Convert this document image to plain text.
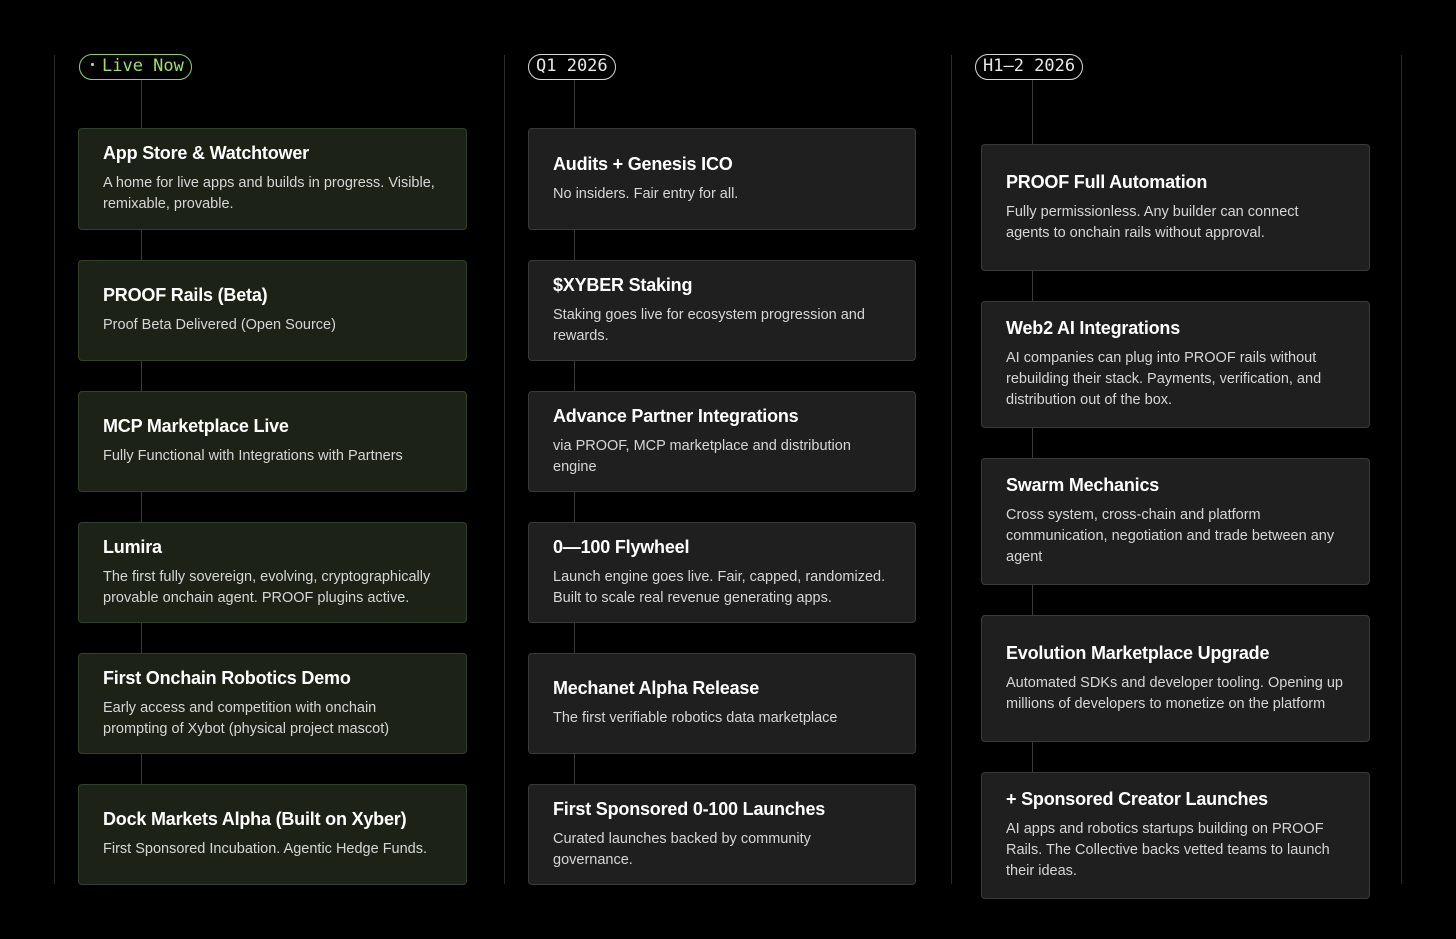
Live Now	Q1 2026	H1—2 2026
App Store & Watchtower

A home for live apps and builds in progress. Visible, remixable, provable.

PROOF Rails (Beta)

Proof Beta Delivered (Open Source)

MCP Marketplace Live

Fully Functional with Integrations with Partners

Lumira

The first fully sovereign, evolving, cryptographically provable onchain agent. PROOF plugins active.

First Onchain Robotics Demo

Early access and competition with onchain prompting of Xybot (physical project mascot)

Dock Markets Alpha (Built on Xyber)

First Sponsored Incubation. Agentic Hedge Funds.

Audits + Genesis ICO

No insiders. Fair entry for all.

$XYBER Staking

Staking goes live for ecosystem progression and rewards.

Advance Partner Integrations

via PROOF, MCP marketplace and distribution engine

0—100 Flywheel

Launch engine goes live. Fair, capped, randomized. Built to scale real revenue generating apps.

Mechanet Alpha Release

The first verifiable robotics data marketplace

First Sponsored 0-100 Launches

Curated launches backed by community governance.

PROOF Full Automation

Fully permissionless. Any builder can connect agents to onchain rails without approval.

Web2 AI Integrations

AI companies can plug into PROOF rails without rebuilding their stack. Payments, verification, and distribution out of the box.

Swarm Mechanics

Cross system, cross-chain and platform communication, negotiation and trade between any agent

Evolution Marketplace Upgrade

Automated SDKs and developer tooling. Opening up millions of developers to monetize on the platform

+ Sponsored Creator Launches

AI apps and robotics startups building on PROOF Rails. The Collective backs vetted teams to launch their ideas.
